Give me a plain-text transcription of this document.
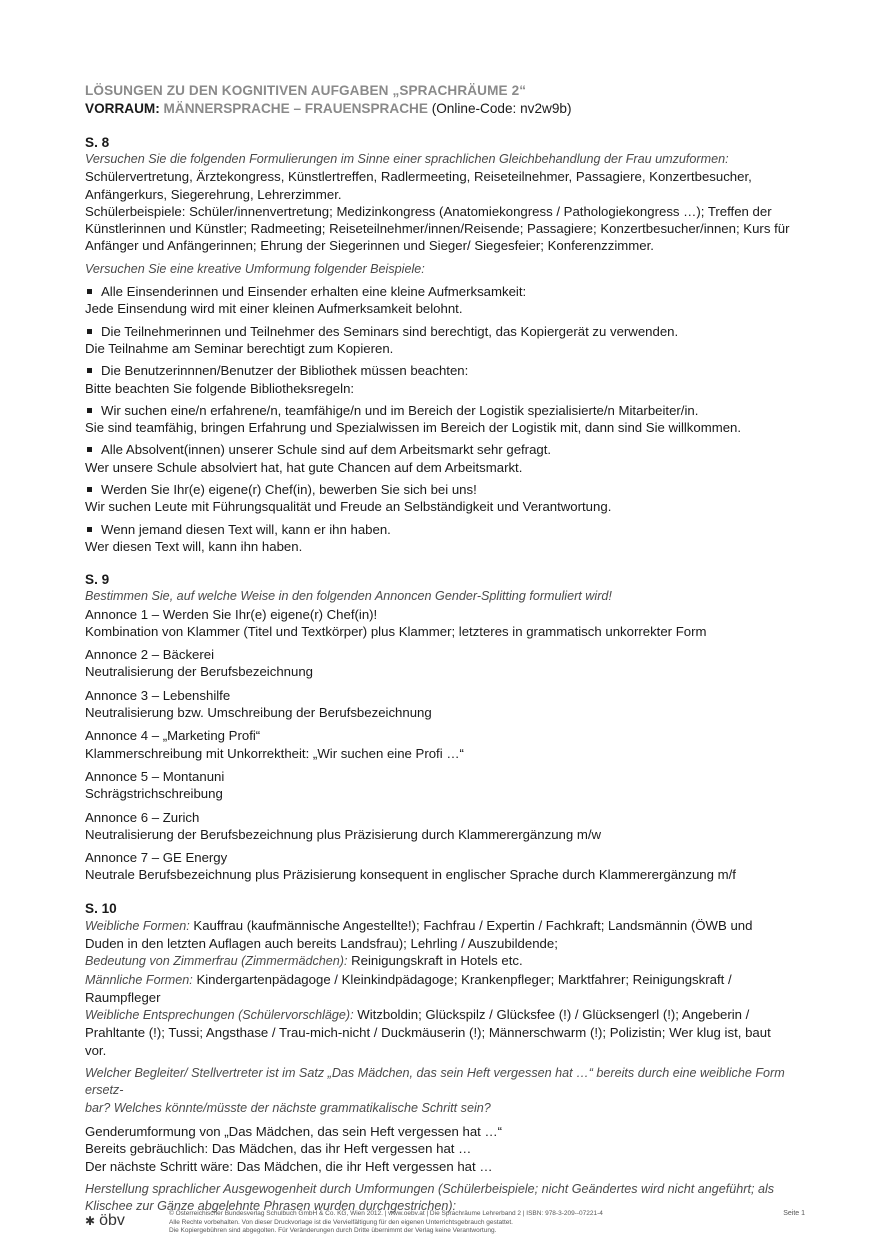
LÖSUNGEN ZU DEN KOGNITIVEN AUFGABEN „SPRACHRÄUME 2“
VORRAUM: MÄNNERSPRACHE – FRAUENSPRACHE (Online-Code: nv2w9b)
S. 8
Versuchen Sie die folgenden Formulierungen im Sinne einer sprachlichen Gleichbehandlung der Frau umzuformen:
Schülervertretung, Ärztekongress, Künstlertreffen, Radlermeeting, Reiseteilnehmer, Passagiere, Konzertbesucher,
Anfängerkurs, Siegerehrung, Lehrerzimmer.
Schülerbeispiele: Schüler/innenvertretung; Medizinkongress (Anatomiekongress / Pathologiekongress …); Treffen der
Künstlerinnen und Künstler; Radmeeting; Reiseteilnehmer/innen/Reisende; Passagiere; Konzertbesucher/innen; Kurs für
Anfänger und Anfängerinnen; Ehrung der Siegerinnen und Sieger/ Siegesfeier; Konferenzzimmer.
Versuchen Sie eine kreative Umformung folgender Beispiele:
Alle Einsenderinnen und Einsender erhalten eine kleine Aufmerksamkeit:
Jede Einsendung wird mit einer kleinen Aufmerksamkeit belohnt.
Die Teilnehmerinnen und Teilnehmer des Seminars sind berechtigt, das Kopiergerät zu verwenden.
Die Teilnahme am Seminar berechtigt zum Kopieren.
Die Benutzerinnnen/Benutzer der Bibliothek müssen beachten:
Bitte beachten Sie folgende Bibliotheksregeln:
Wir suchen eine/n erfahrene/n, teamfähige/n und im Bereich der Logistik spezialisierte/n Mitarbeiter/in.
Sie sind teamfähig, bringen Erfahrung und Spezialwissen im Bereich der Logistik mit, dann sind Sie willkommen.
Alle Absolvent(innen) unserer Schule sind auf dem Arbeitsmarkt sehr gefragt.
Wer unsere Schule absolviert hat, hat gute Chancen auf dem Arbeitsmarkt.
Werden Sie Ihr(e) eigene(r) Chef(in), bewerben Sie sich bei uns!
Wir suchen Leute mit Führungsqualität und Freude an Selbständigkeit und Verantwortung.
Wenn jemand diesen Text will, kann er ihn haben.
Wer diesen Text will, kann ihn haben.
S. 9
Bestimmen Sie, auf welche Weise in den folgenden Annoncen Gender-Splitting formuliert wird!
Annonce 1 – Werden Sie Ihr(e) eigene(r) Chef(in)!
Kombination von Klammer (Titel und Textkörper) plus Klammer; letzteres in grammatisch unkorrekter Form
Annonce 2 – Bäckerei
Neutralisierung der Berufsbezeichnung
Annonce 3 – Lebenshilfe
Neutralisierung bzw. Umschreibung der Berufsbezeichnung
Annonce 4 – „Marketing Profi“
Klammerschreibung mit Unkorrektheit: „Wir suchen eine Profi …“
Annonce 5 – Montanuni
Schrägstrichschreibung
Annonce 6 – Zurich
Neutralisierung der Berufsbezeichnung plus Präzisierung durch Klammerergänzung m/w
Annonce 7 – GE Energy
Neutrale Berufsbezeichnung plus Präzisierung konsequent in englischer Sprache durch Klammerergänzung m/f
S. 10
Weibliche Formen: Kauffrau (kaufmännische Angestellte!); Fachfrau / Expertin / Fachkraft; Landsmännin (ÖWB und
Duden in den letzten Auflagen auch bereits Landsfrau); Lehrling / Auszubildende;
Bedeutung von Zimmerfrau (Zimmermädchen): Reinigungskraft in Hotels etc.
Männliche Formen: Kindergartenpädagoge / Kleinkindpädagoge; Krankenpfleger; Marktfahrer; Reinigungskraft /
Raumpfleger
Weibliche Entsprechungen (Schülervorschläge): Witzboldin; Glückspilz / Glücksfee (!) / Glücksengerl (!); Angeberin /
Prahltante (!); Tussi; Angsthase / Trau-mich-nicht / Duckmäuserin (!); Männerschwarm (!); Polizistin; Wer klug ist, baut
vor.
Welcher Begleiter/ Stellvertreter ist im Satz „Das Mädchen, das sein Heft vergessen hat …“ bereits durch eine weibliche Form ersetz-
bar? Welches könnte/müsste der nächste grammatikalische Schritt sein?
Genderumformung von „Das Mädchen, das sein Heft vergessen hat …“
Bereits gebräuchlich: Das Mädchen, das ihr Heft vergessen hat …
Der nächste Schritt wäre: Das Mädchen, die ihr Heft vergessen hat …
Herstellung sprachlicher Ausgewogenheit durch Umformungen (Schülerbeispiele; nicht Geändertes wird nicht angeführt; als
Klischee zur Gänze abgelehnte Phrasen wurden durchgestrichen):
✱ öbv	© Österreichischer Bundesverlag Schulbuch GmbH & Co. KG, Wien 2012. | www.oebv.at | Die Sprachräume Lehrerband 2 | ISBN: 978-3-209--07221-4
Alle Rechte vorbehalten. Von dieser Druckvorlage ist die Vervielfältigung für den eigenen Unterrichtsgebrauch gestattet.
Die Kopiergebühren sind abgegolten. Für Veränderungen durch Dritte übernimmt der Verlag keine Verantwortung.
Seite 1
